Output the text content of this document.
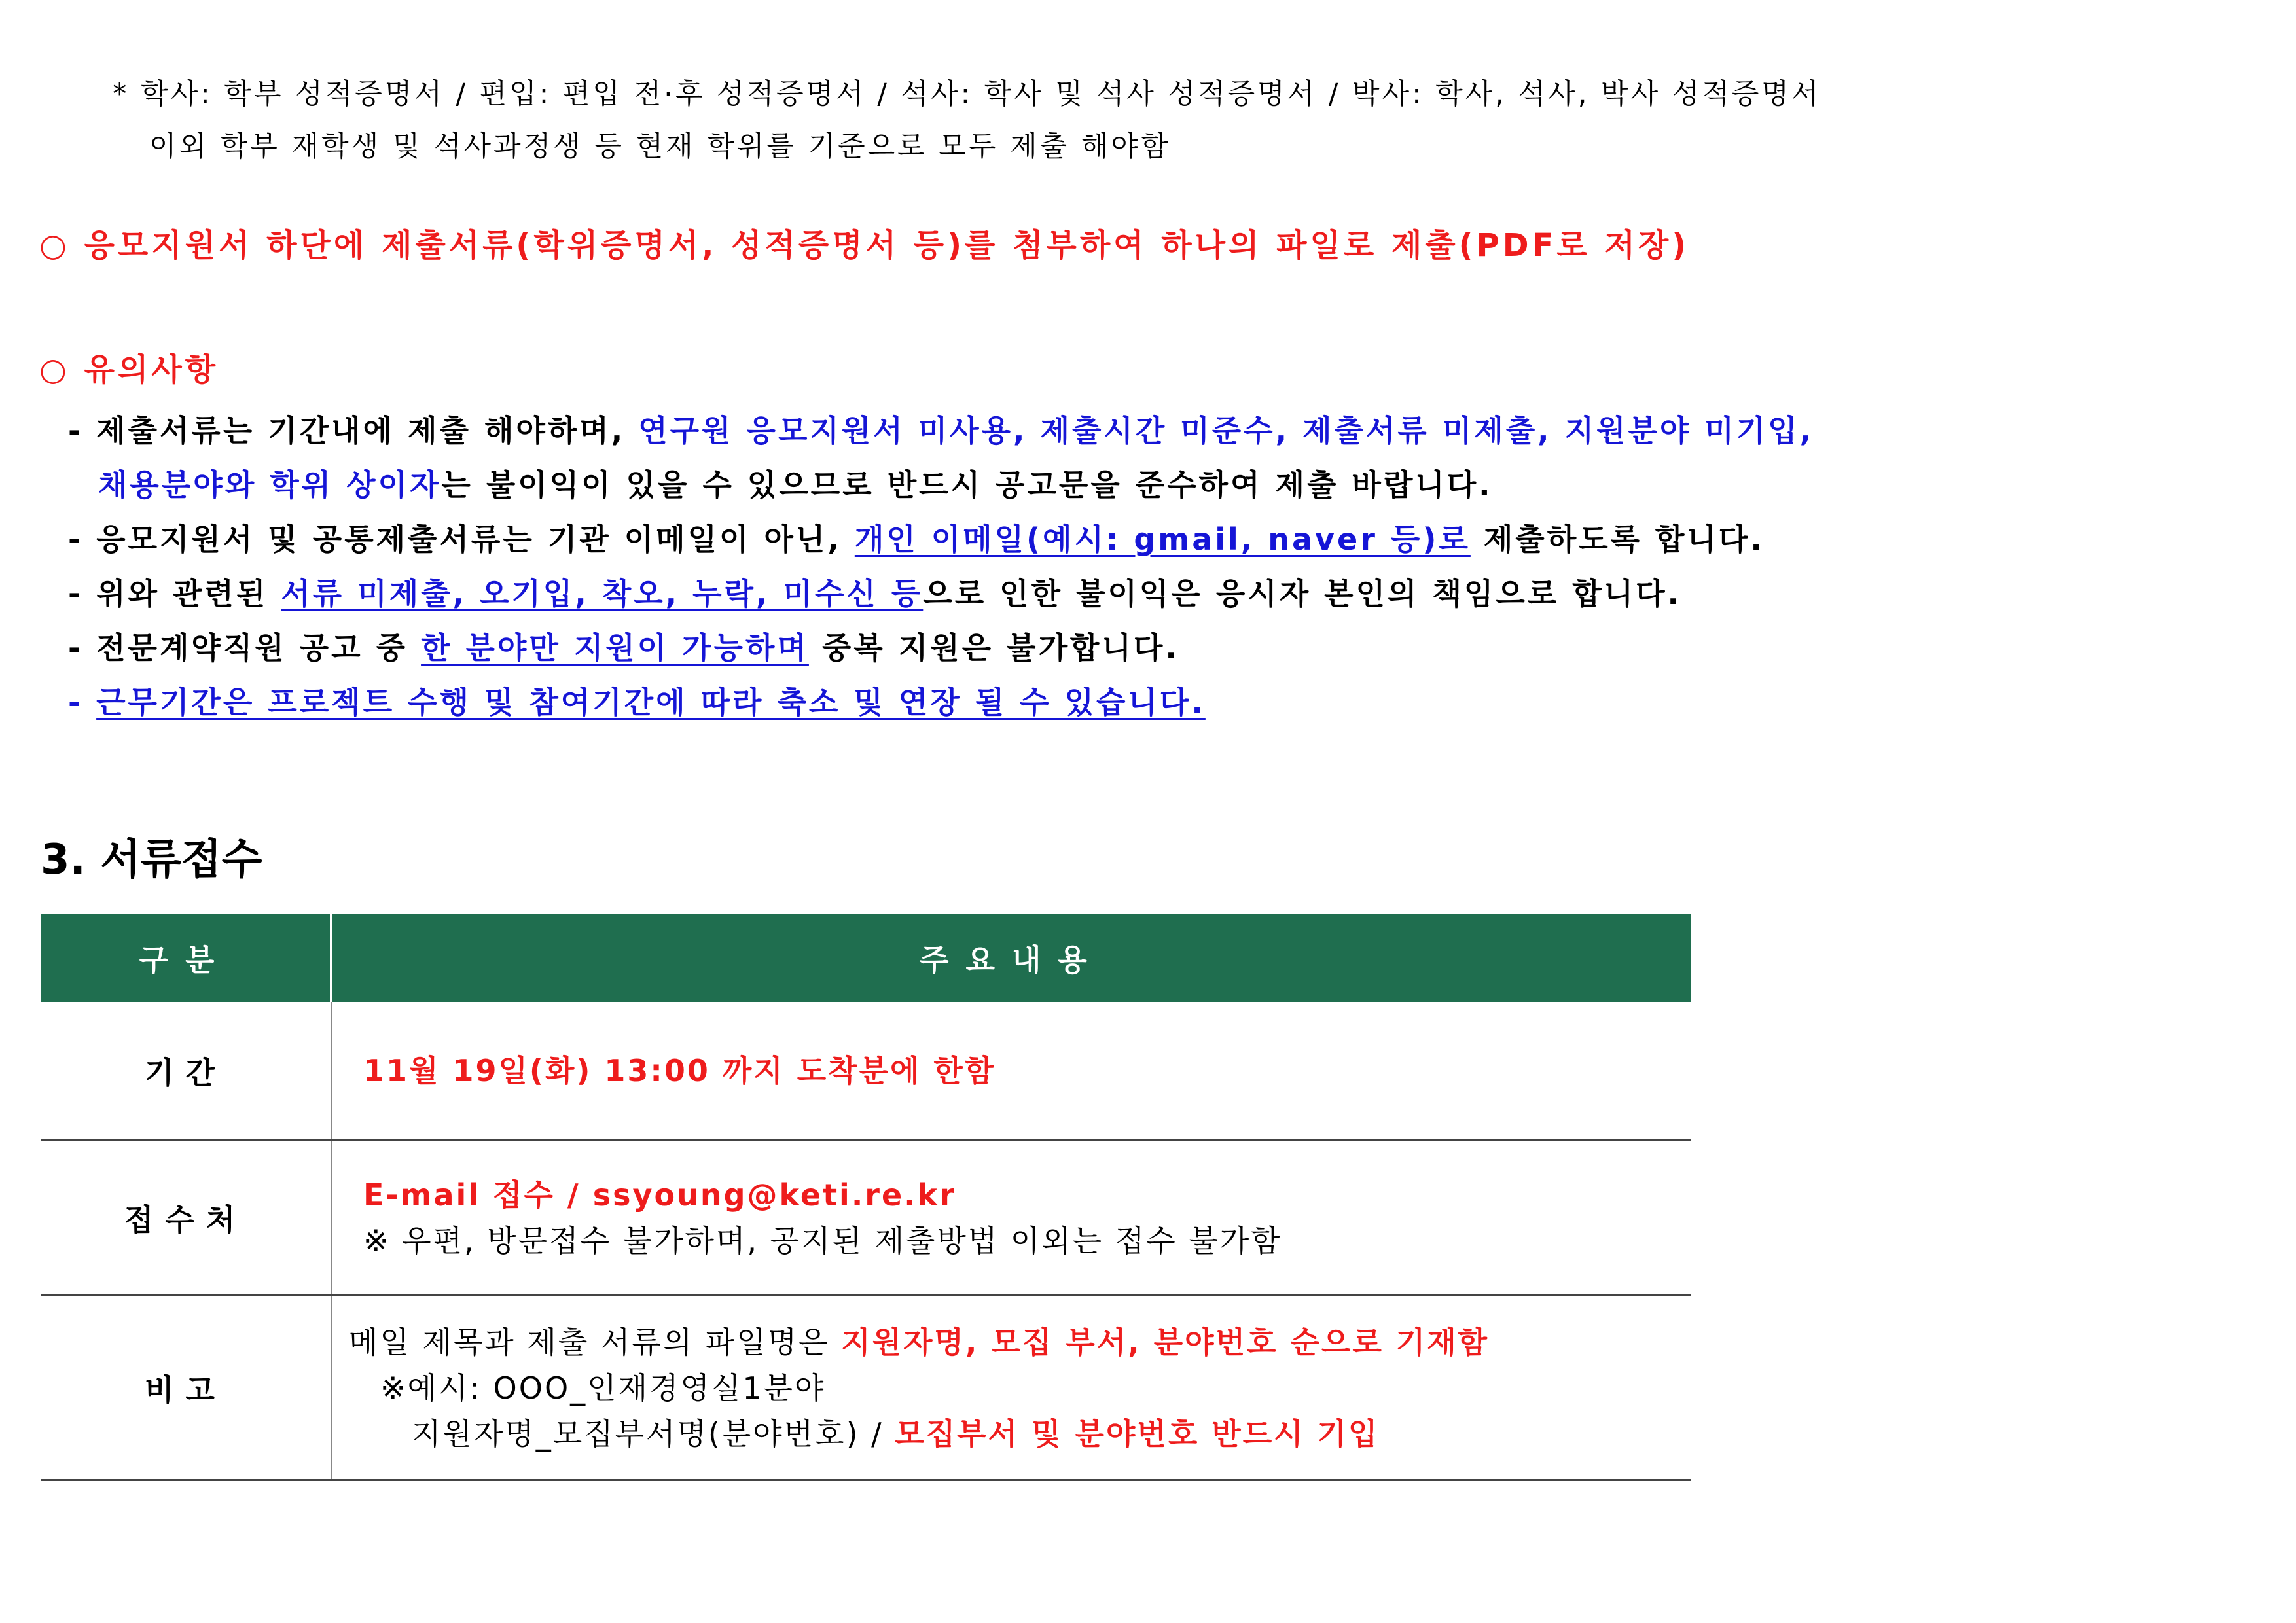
* 학사: 학부 성적증명서 / 편입: 편입 전·후 성적증명서 / 석사: 학사 및 석사 성적증명서 / 박사: 학사, 석사, 박사 성적증명서
이외 학부 재학생 및 석사과정생 등 현재 학위를 기준으로 모두 제출 해야함
○ 응모지원서 하단에 제출서류(학위증명서, 성적증명서 등)를 첨부하여 하나의 파일로 제출(PDF로 저장)
○ 유의사항
- 제출서류는 기간내에 제출 해야하며, 연구원 응모지원서 미사용, 제출시간 미준수, 제출서류 미제출, 지원분야 미기입,
채용분야와 학위 상이자는 불이익이 있을 수 있으므로 반드시 공고문을 준수하여 제출 바랍니다.
- 응모지원서 및 공통제출서류는 기관 이메일이 아닌, 개인 이메일(예시: gmail, naver 등)로 제출하도록 합니다.
- 위와 관련된 서류 미제출, 오기입, 착오, 누락, 미수신 등으로 인한 불이익은 응시자 본인의 책임으로 합니다.
- 전문계약직원 공고 중 한 분야만 지원이 가능하며 중복 지원은 불가합니다.
- 근무기간은 프로젝트 수행 및 참여기간에 따라 축소 및 연장 될 수 있습니다.
3. 서류접수
구분	주요내용
기간	11월 19일(화) 13:00 까지 도착분에 한함

접수처	E-mail 접수 / ssyoung@keti.re.kr
※ 우편, 방문접수 불가하며, 공지된 제출방법 이외는 접수 불가함

비고	메일 제목과 제출 서류의 파일명은 지원자명, 모집 부서, 분야번호 순으로 기재함
※예시: OOO_인재경영실1분야
지원자명_모집부서명(분야번호) / 모집부서 및 분야번호 반드시 기입
